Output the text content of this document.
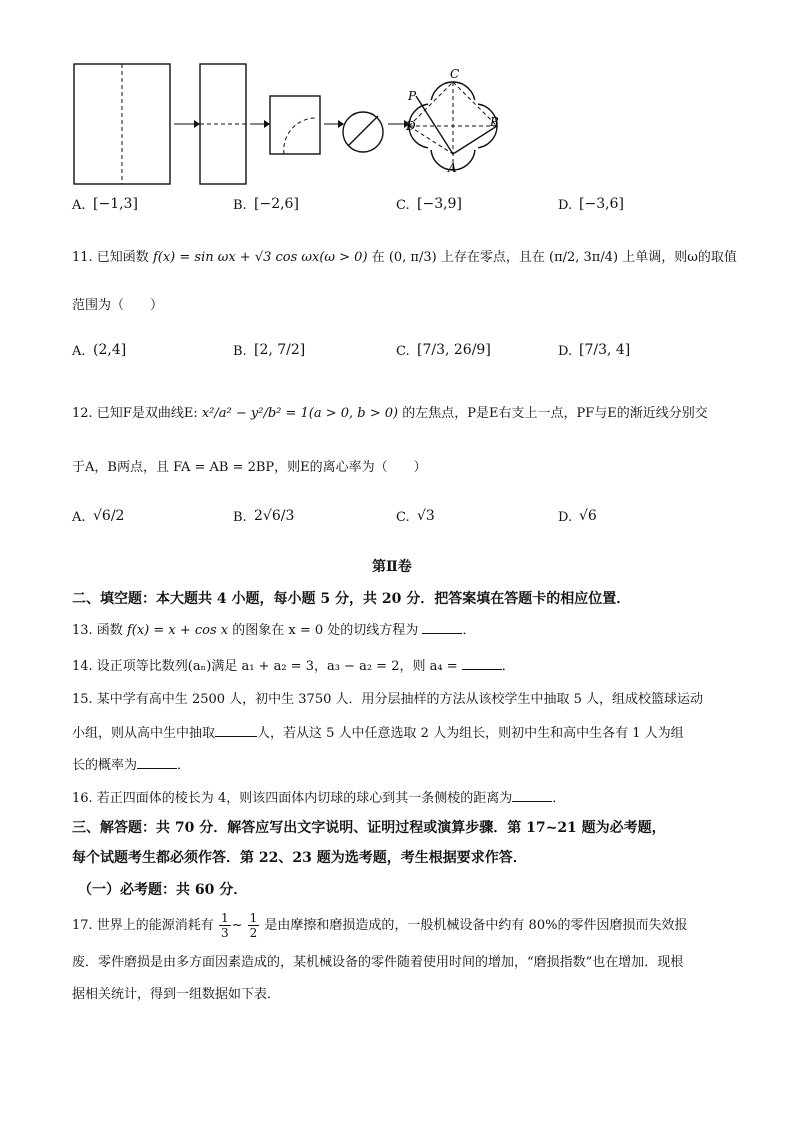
P
C
D	B
A
A. [−1,3]	B. [−2,6]	C. [−3,9]	D. [−3,6]
11. 已知函数 f(x) = sin ωx + √3 cos ωx(ω > 0) 在 (0, π/3) 上存在零点，且在 (π/2, 3π/4) 上单调，则ω的取值
范围为（　　）
A. (2,4]	B. [2, 7/2]	C. [7/3, 26/9]	D. [7/3, 4]
12. 已知F是双曲线E: x²/a² − y²/b² = 1(a > 0, b > 0) 的左焦点，P是E右支上一点，PF与E的渐近线分别交
于A，B两点，且 FA = AB = 2BP，则E的离心率为（　　）
A. √6/2	B. 2√6/3	C. √3	D. √6
第Ⅱ卷
二、填空题：本大题共 4 小题，每小题 5 分，共 20 分．把答案填在答题卡的相应位置．
13. 函数 f(x) = x + cos x 的图象在 x = 0 处的切线方程为	．
14. 设正项等比数列(aₙ)满足 a₁ + a₂ = 3，a₃ − a₂ = 2，则 a₄ =	．
15. 某中学有高中生 2500 人，初中生 3750 人．用分层抽样的方法从该校学生中抽取 5 人，组成校篮球运动
小组，则从高中生中抽取	人，若从这 5 人中任意选取 2 人为组长，则初中生和高中生各有 1 人为组
长的概率为	．
16. 若正四面体的棱长为 4，则该四面体内切球的球心到其一条侧棱的距离为	．
三、解答题：共 70 分．解答应写出文字说明、证明过程或演算步骤．第 17~21 题为必考题，
每个试题考生都必须作答．第 22、23 题为选考题，考生根据要求作答．
（一）必考题：共 60 分．
17. 世界上的能源消耗有 $\frac{1}{3}$ ~ $\frac{1}{2}$ 是由摩擦和磨损造成的，一般机械设备中约有 80%的零件因磨损而失效报
废．零件磨损是由多方面因素造成的，某机械设备的零件随着使用时间的增加，“磨损指数”也在增加．现根
据相关统计，得到一组数据如下表．
